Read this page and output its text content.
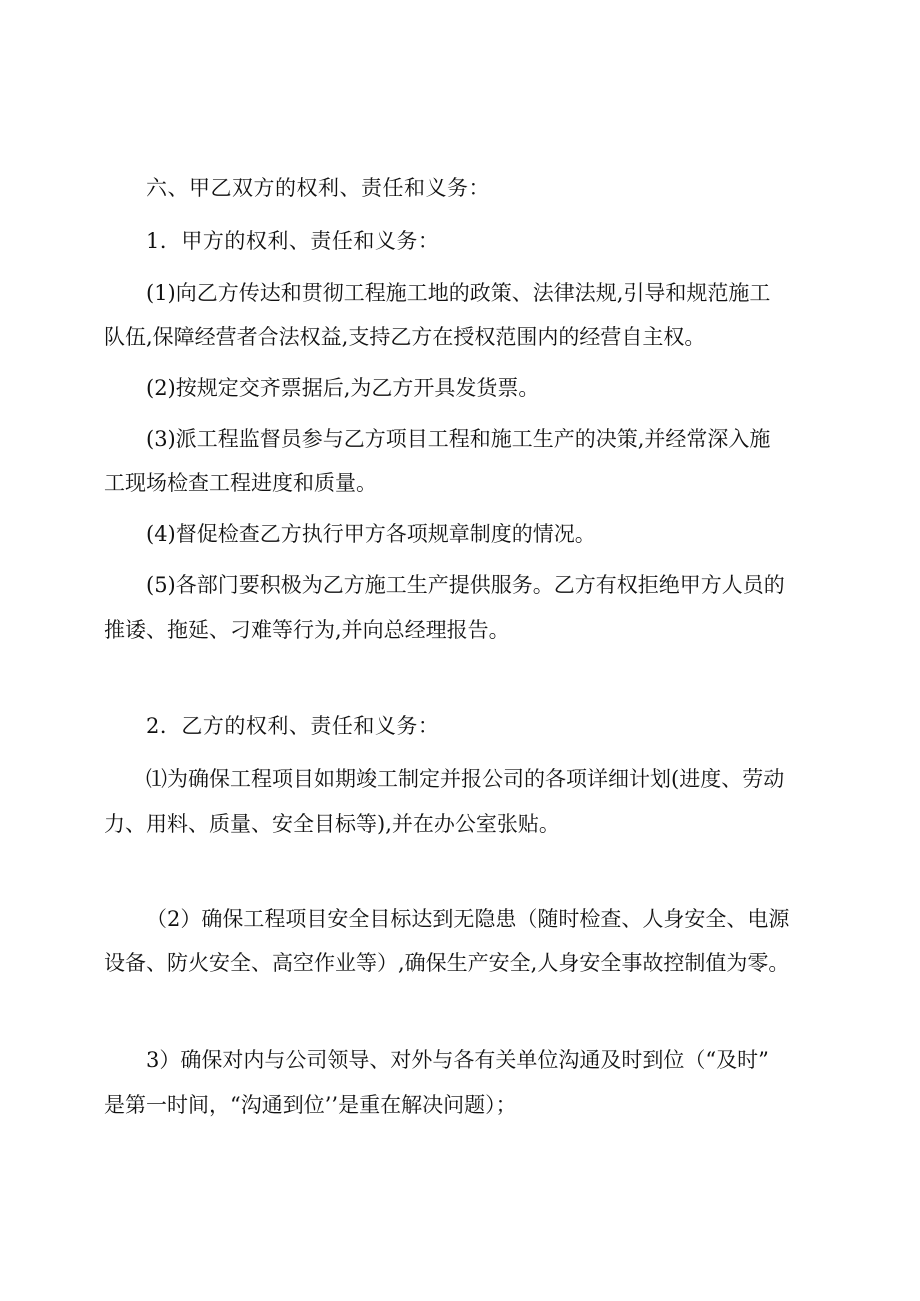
六、甲乙双方的权利、责任和义务：
1．甲方的权利、责任和义务：
(1)向乙方传达和贯彻工程施工地的政策、法律法规,引导和规范施工
队伍,保障经营者合法权益,支持乙方在授权范围内的经营自主权。
(2)按规定交齐票据后,为乙方开具发货票。
(3)派工程监督员参与乙方项目工程和施工生产的决策,并经常深入施
工现场检查工程进度和质量。
(4)督促检查乙方执行甲方各项规章制度的情况。
(5)各部门要积极为乙方施工生产提供服务。乙方有权拒绝甲方人员的
推诿、拖延、刁难等行为,并向总经理报告。
2．乙方的权利、责任和义务：
⑴为确保工程项目如期竣工制定并报公司的各项详细计划(进度、劳动
力、用料、质量、安全目标等),并在办公室张贴。
（2）确保工程项目安全目标达到无隐患（随时检查、人身安全、电源
设备、防火安全、高空作业等）,确保生产安全,人身安全事故控制值为零。
3）确保对内与公司领导、对外与各有关单位沟通及时到位（“及时”
是第一时间，“沟通到位’’是重在解决问题）；
